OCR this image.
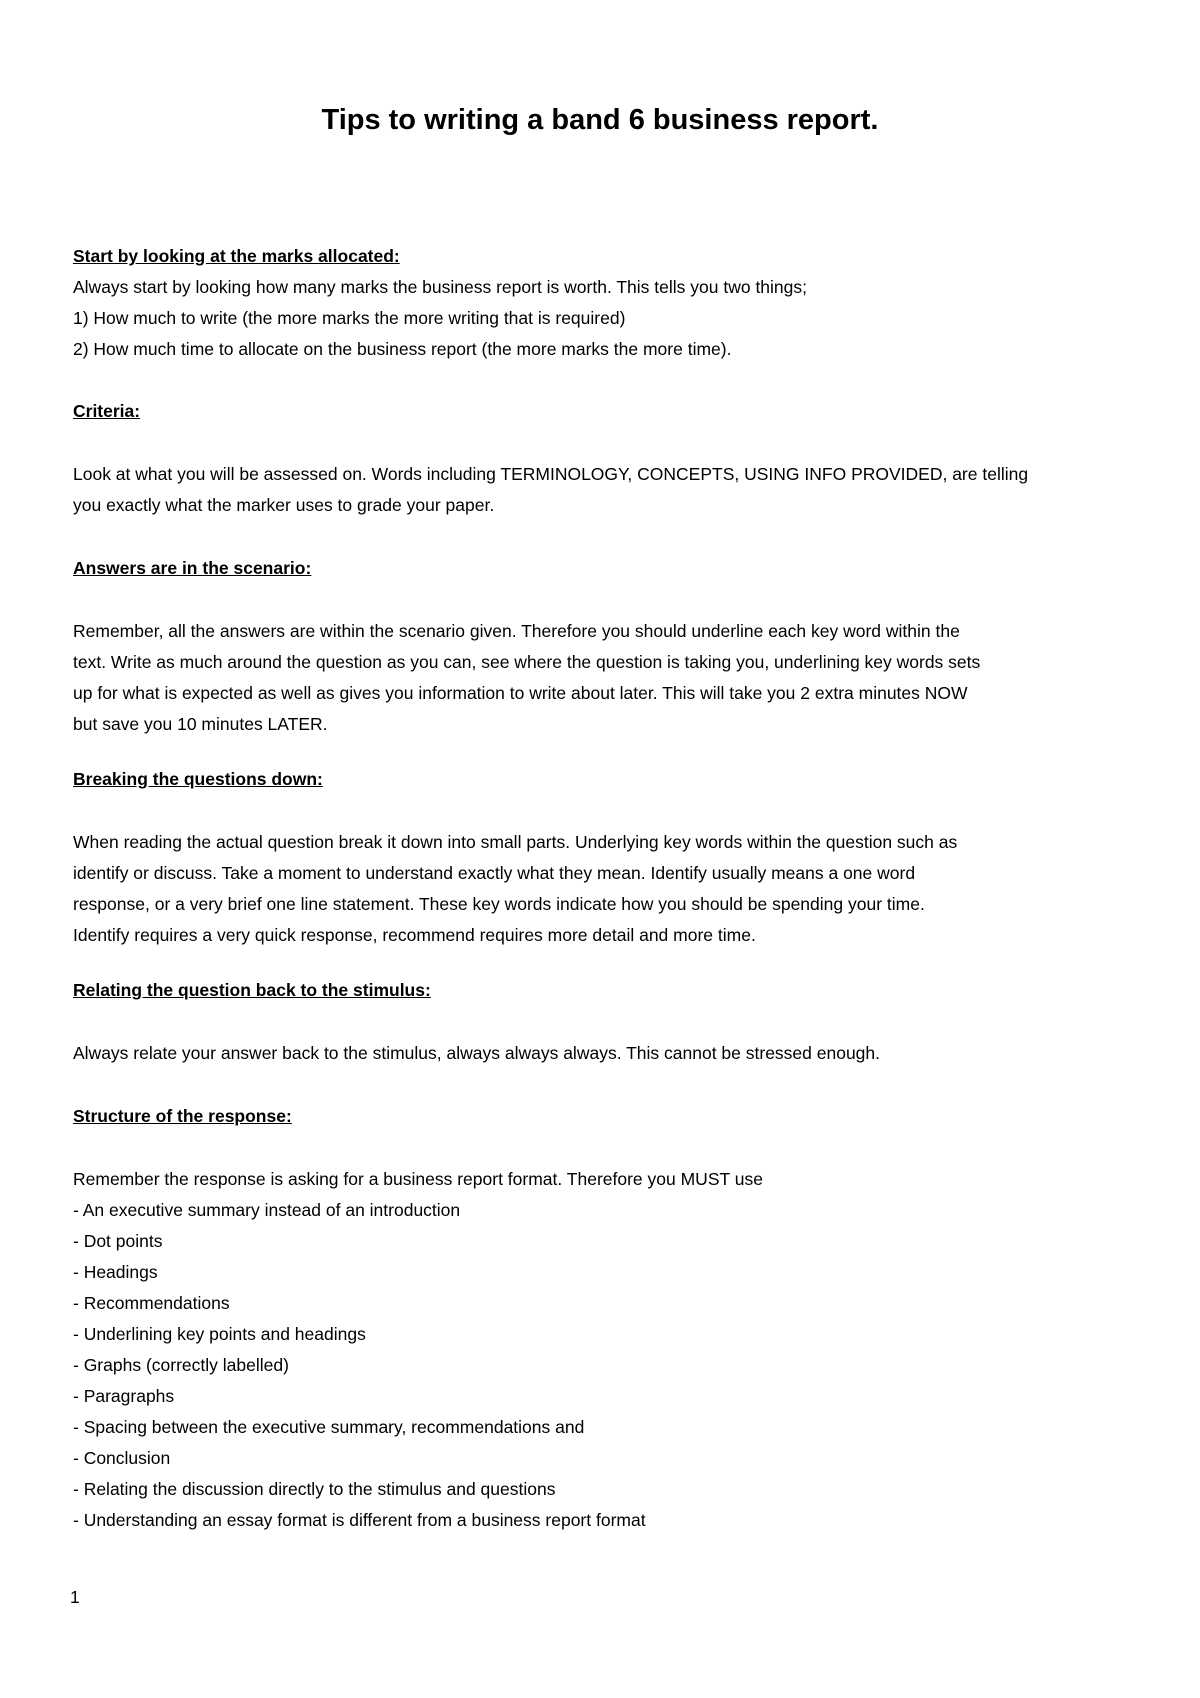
Tips to writing a band 6 business report.

Start by looking at the marks allocated:

Always start by looking how many marks the business report is worth. This tells you two things;

1) How much to write (the more marks the more writing that is required)

2) How much time to allocate on the business report (the more marks the more time).

Criteria:

Look at what you will be assessed on. Words including TERMINOLOGY, CONCEPTS, USING INFO PROVIDED, are telling

you exactly what the marker uses to grade your paper.

Answers are in the scenario:

Remember, all the answers are within the scenario given. Therefore you should underline each key word within the

text. Write as much around the question as you can, see where the question is taking you, underlining key words sets

up for what is expected as well as gives you information to write about later. This will take you 2 extra minutes NOW

but save you 10 minutes LATER.

Breaking the questions down:

When reading the actual question break it down into small parts. Underlying key words within the question such as

identify or discuss. Take a moment to understand exactly what they mean. Identify usually means a one word

response, or a very brief one line statement. These key words indicate how you should be spending your time.

Identify requires a very quick response, recommend requires more detail and more time.

Relating the question back to the stimulus:

Always relate your answer back to the stimulus, always always always. This cannot be stressed enough.

Structure of the response:

Remember the response is asking for a business report format. Therefore you MUST use

- An executive summary instead of an introduction

- Dot points

- Headings

- Recommendations

- Underlining key points and headings

- Graphs (correctly labelled)

- Paragraphs

- Spacing between the executive summary, recommendations and

- Conclusion

- Relating the discussion directly to the stimulus and questions

- Understanding an essay format is different from a business report format

1
